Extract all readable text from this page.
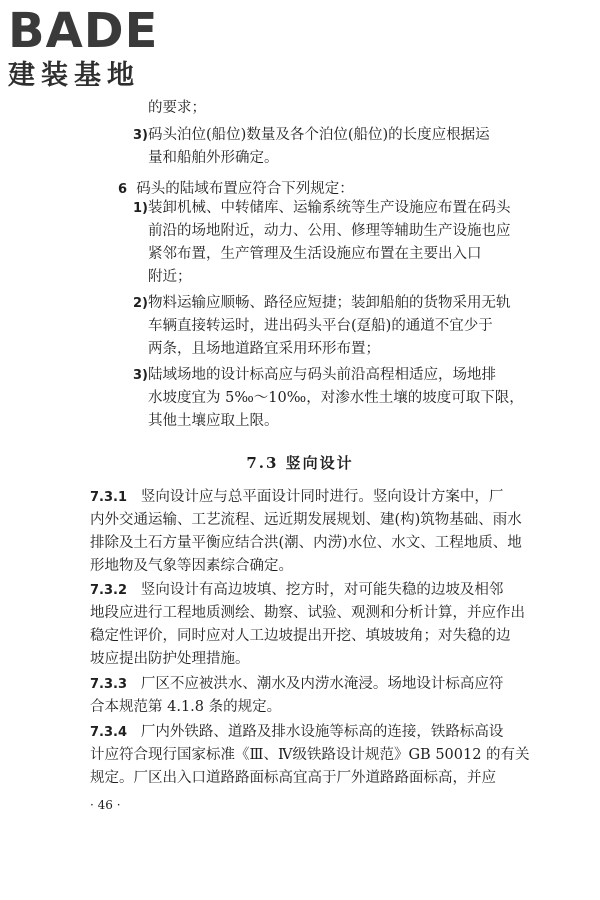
BADE
建装基地
的要求；
3)码头泊位(船位)数量及各个泊位(船位)的长度应根据运
量和船舶外形确定。
6 码头的陆域布置应符合下列规定：
1)装卸机械、中转储库、运输系统等生产设施应布置在码头
前沿的场地附近，动力、公用、修理等辅助生产设施也应
紧邻布置，生产管理及生活设施应布置在主要出入口
附近；
2)物料运输应顺畅、路径应短捷；装卸船舶的货物采用无轨
车辆直接转运时，进出码头平台(趸船)的通道不宜少于
两条，且场地道路宜采用环形布置；
3)陆域场地的设计标高应与码头前沿高程相适应，场地排
水坡度宜为 5‰～10‰，对渗水性土壤的坡度可取下限，
其他土壤应取上限。
7.3 竖向设计
7.3.1 竖向设计应与总平面设计同时进行。竖向设计方案中，厂
内外交通运输、工艺流程、远近期发展规划、建(构)筑物基础、雨水
排除及土石方量平衡应结合洪(潮、内涝)水位、水文、工程地质、地
形地物及气象等因素综合确定。
7.3.2 竖向设计有高边坡填、挖方时，对可能失稳的边坡及相邻
地段应进行工程地质测绘、勘察、试验、观测和分析计算，并应作出
稳定性评价，同时应对人工边坡提出开挖、填坡坡角；对失稳的边
坡应提出防护处理措施。
7.3.3 厂区不应被洪水、潮水及内涝水淹浸。场地设计标高应符
合本规范第 4.1.8 条的规定。
7.3.4 厂内外铁路、道路及排水设施等标高的连接，铁路标高设
计应符合现行国家标准《Ⅲ、Ⅳ级铁路设计规范》GB 50012 的有关
规定。厂区出入口道路路面标高宜高于厂外道路路面标高，并应
· 46 ·
